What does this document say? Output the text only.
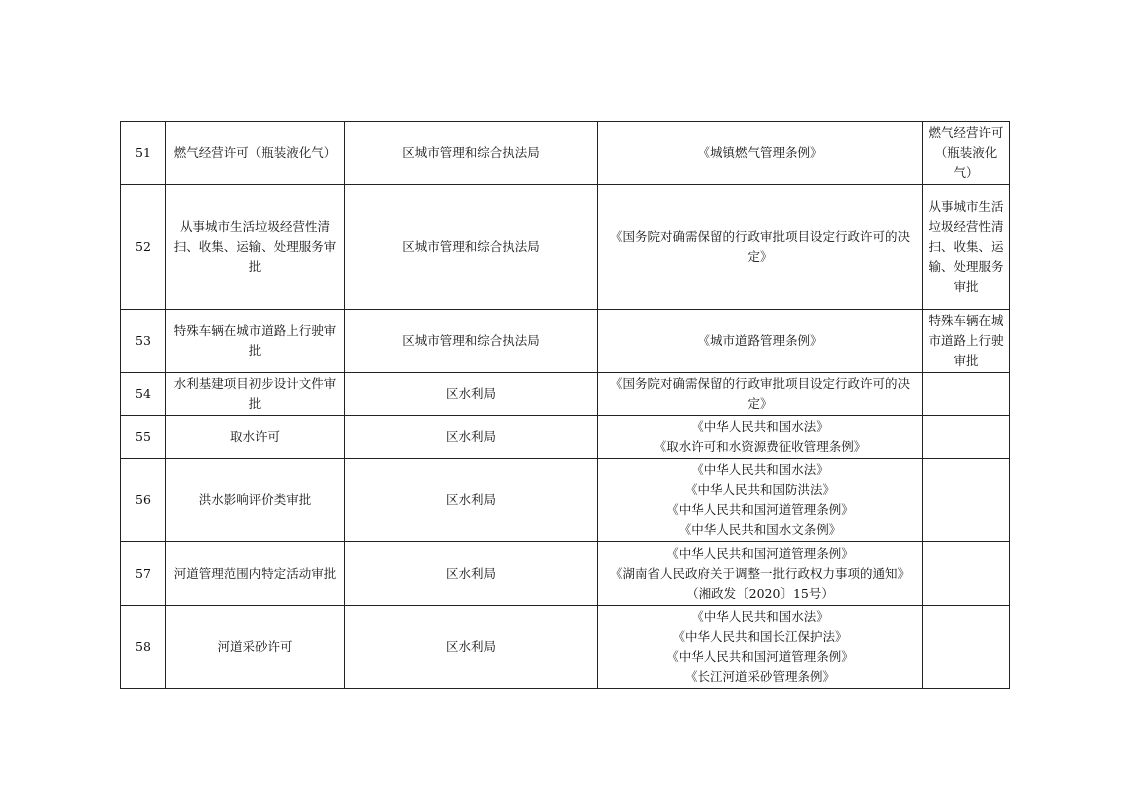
51	燃气经营许可（瓶装液化气）	区城市管理和综合执法局	《城镇燃气管理条例》	燃气经营许可（瓶装液化气）
52	从事城市生活垃圾经营性清扫、收集、运输、处理服务审批	区城市管理和综合执法局	《国务院对确需保留的行政审批项目设定行政许可的决定》	从事城市生活垃圾经营性清扫、收集、运输、处理服务审批
53	特殊车辆在城市道路上行驶审批	区城市管理和综合执法局	《城市道路管理条例》	特殊车辆在城市道路上行驶审批
54	水利基建项目初步设计文件审批	区水利局	《国务院对确需保留的行政审批项目设定行政许可的决定》	

55	取水许可	区水利局	《中华人民共和国水法》
《取水许可和水资源费征收管理条例》	

56	洪水影响评价类审批	区水利局	《中华人民共和国水法》
《中华人民共和国防洪法》
《中华人民共和国河道管理条例》
《中华人民共和国水文条例》	

57	河道管理范围内特定活动审批	区水利局	《中华人民共和国河道管理条例》
《湖南省人民政府关于调整一批行政权力事项的通知》（湘政发〔2020〕15号）	

58	河道采砂许可	区水利局	《中华人民共和国水法》
《中华人民共和国长江保护法》
《中华人民共和国河道管理条例》
《长江河道采砂管理条例》	
